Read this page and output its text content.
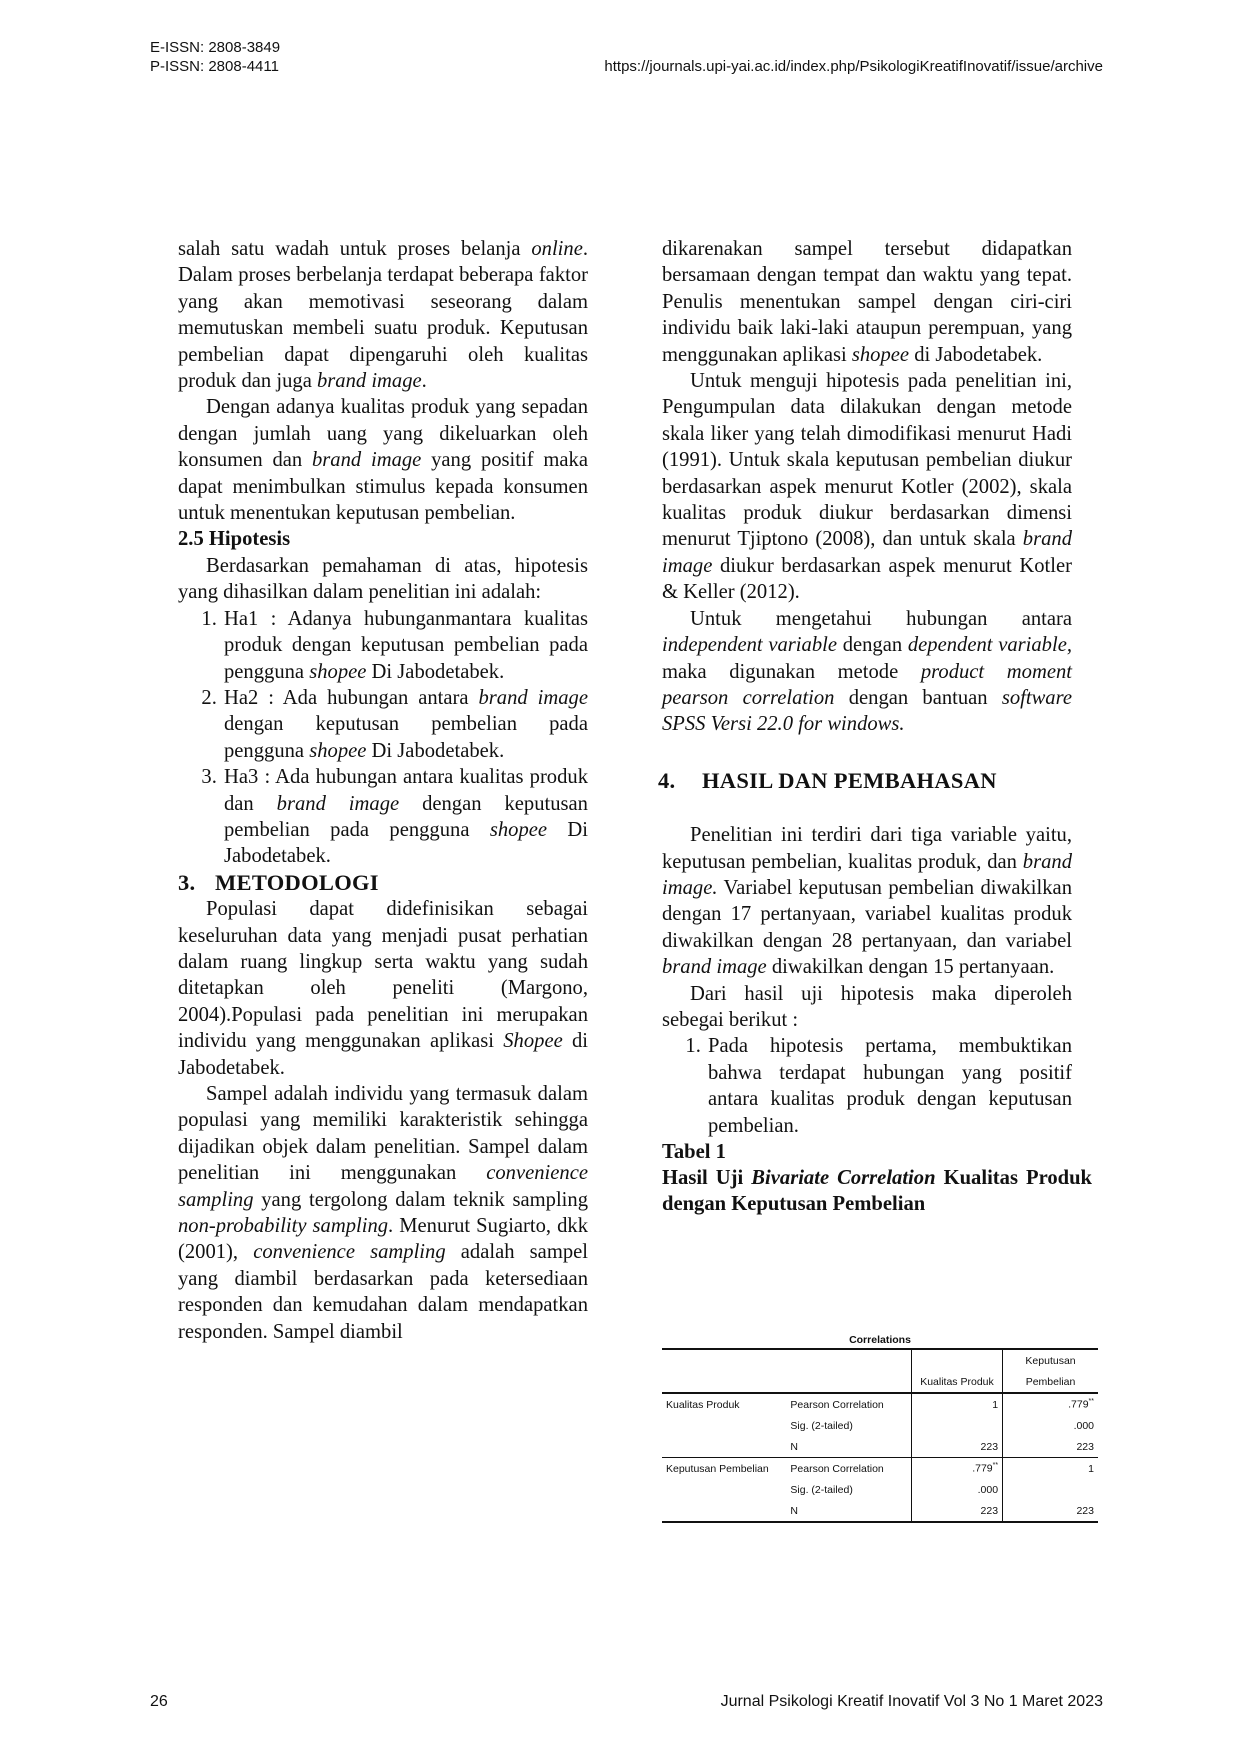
E-ISSN: 2808-3849
P-ISSN: 2808-4411	https://journals.upi-yai.ac.id/index.php/PsikologiKreatifInovatif/issue/archive

salah satu wadah untuk proses belanja online. Dalam proses berbelanja terdapat beberapa faktor yang akan memotivasi seseorang dalam memutuskan membeli suatu produk. Keputusan pembelian dapat dipengaruhi oleh kualitas produk dan juga brand image.

Dengan adanya kualitas produk yang sepadan dengan jumlah uang yang dikeluarkan oleh konsumen dan brand image yang positif maka dapat menimbulkan stimulus kepada konsumen untuk menentukan keputusan pembelian.

2.5 Hipotesis

Berdasarkan pemahaman di atas, hipotesis yang dihasilkan dalam penelitian ini adalah:

1. Ha1 : Adanya hubunganmantara kualitas produk dengan keputusan pembelian pada pengguna shopee Di Jabodetabek.
2. Ha2 : Ada hubungan antara brand image dengan keputusan pembelian pada pengguna shopee Di Jabodetabek.
3. Ha3 : Ada hubungan antara kualitas produk dan brand image dengan keputusan pembelian pada pengguna shopee Di Jabodetabek.

3. METODOLOGI

Populasi dapat didefinisikan sebagai keseluruhan data yang menjadi pusat perhatian dalam ruang lingkup serta waktu yang sudah ditetapkan oleh peneliti (Margono, 2004).Populasi pada penelitian ini merupakan individu yang menggunakan aplikasi Shopee di Jabodetabek.

Sampel adalah individu yang termasuk dalam populasi yang memiliki karakteristik sehingga dijadikan objek dalam penelitian. Sampel dalam penelitian ini menggunakan convenience sampling yang tergolong dalam teknik sampling non-probability sampling. Menurut Sugiarto, dkk (2001), convenience sampling adalah sampel yang diambil berdasarkan pada ketersediaan responden dan kemudahan dalam mendapatkan responden. Sampel diambil

dikarenakan sampel tersebut didapatkan bersamaan dengan tempat dan waktu yang tepat. Penulis menentukan sampel dengan ciri-ciri individu baik laki-laki ataupun perempuan, yang menggunakan aplikasi shopee di Jabodetabek.

Untuk menguji hipotesis pada penelitian ini, Pengumpulan data dilakukan dengan metode skala liker yang telah dimodifikasi menurut Hadi (1991). Untuk skala keputusan pembelian diukur berdasarkan aspek menurut Kotler (2002), skala kualitas produk diukur berdasarkan dimensi menurut Tjiptono (2008), dan untuk skala brand image diukur berdasarkan aspek menurut Kotler & Keller (2012).

Untuk mengetahui hubungan antara independent variable dengan dependent variable, maka digunakan metode product moment pearson correlation dengan bantuan software SPSS Versi 22.0 for windows.

4. HASIL DAN PEMBAHASAN

Penelitian ini terdiri dari tiga variable yaitu, keputusan pembelian, kualitas produk, dan brand image. Variabel keputusan pembelian diwakilkan dengan 17 pertanyaan, variabel kualitas produk diwakilkan dengan 28 pertanyaan, dan variabel brand image diwakilkan dengan 15 pertanyaan.

Dari hasil uji hipotesis maka diperoleh sebegai berikut :

1. Pada hipotesis pertama, membuktikan bahwa terdapat hubungan yang positif antara kualitas produk dengan keputusan pembelian.

Tabel 1

Hasil Uji Bivariate Correlation Kualitas Produk dengan Keputusan Pembelian

Correlations
			Keputusan
		Kualitas Produk	Pembelian
Kualitas Produk	Pearson Correlation	1	.779**
	Sig. (2-tailed)		.000
	N	223	223
Keputusan Pembelian	Pearson Correlation	.779**	1
	Sig. (2-tailed)	.000	
	N	223	223
26	Jurnal Psikologi Kreatif Inovatif Vol 3 No 1 Maret 2023
